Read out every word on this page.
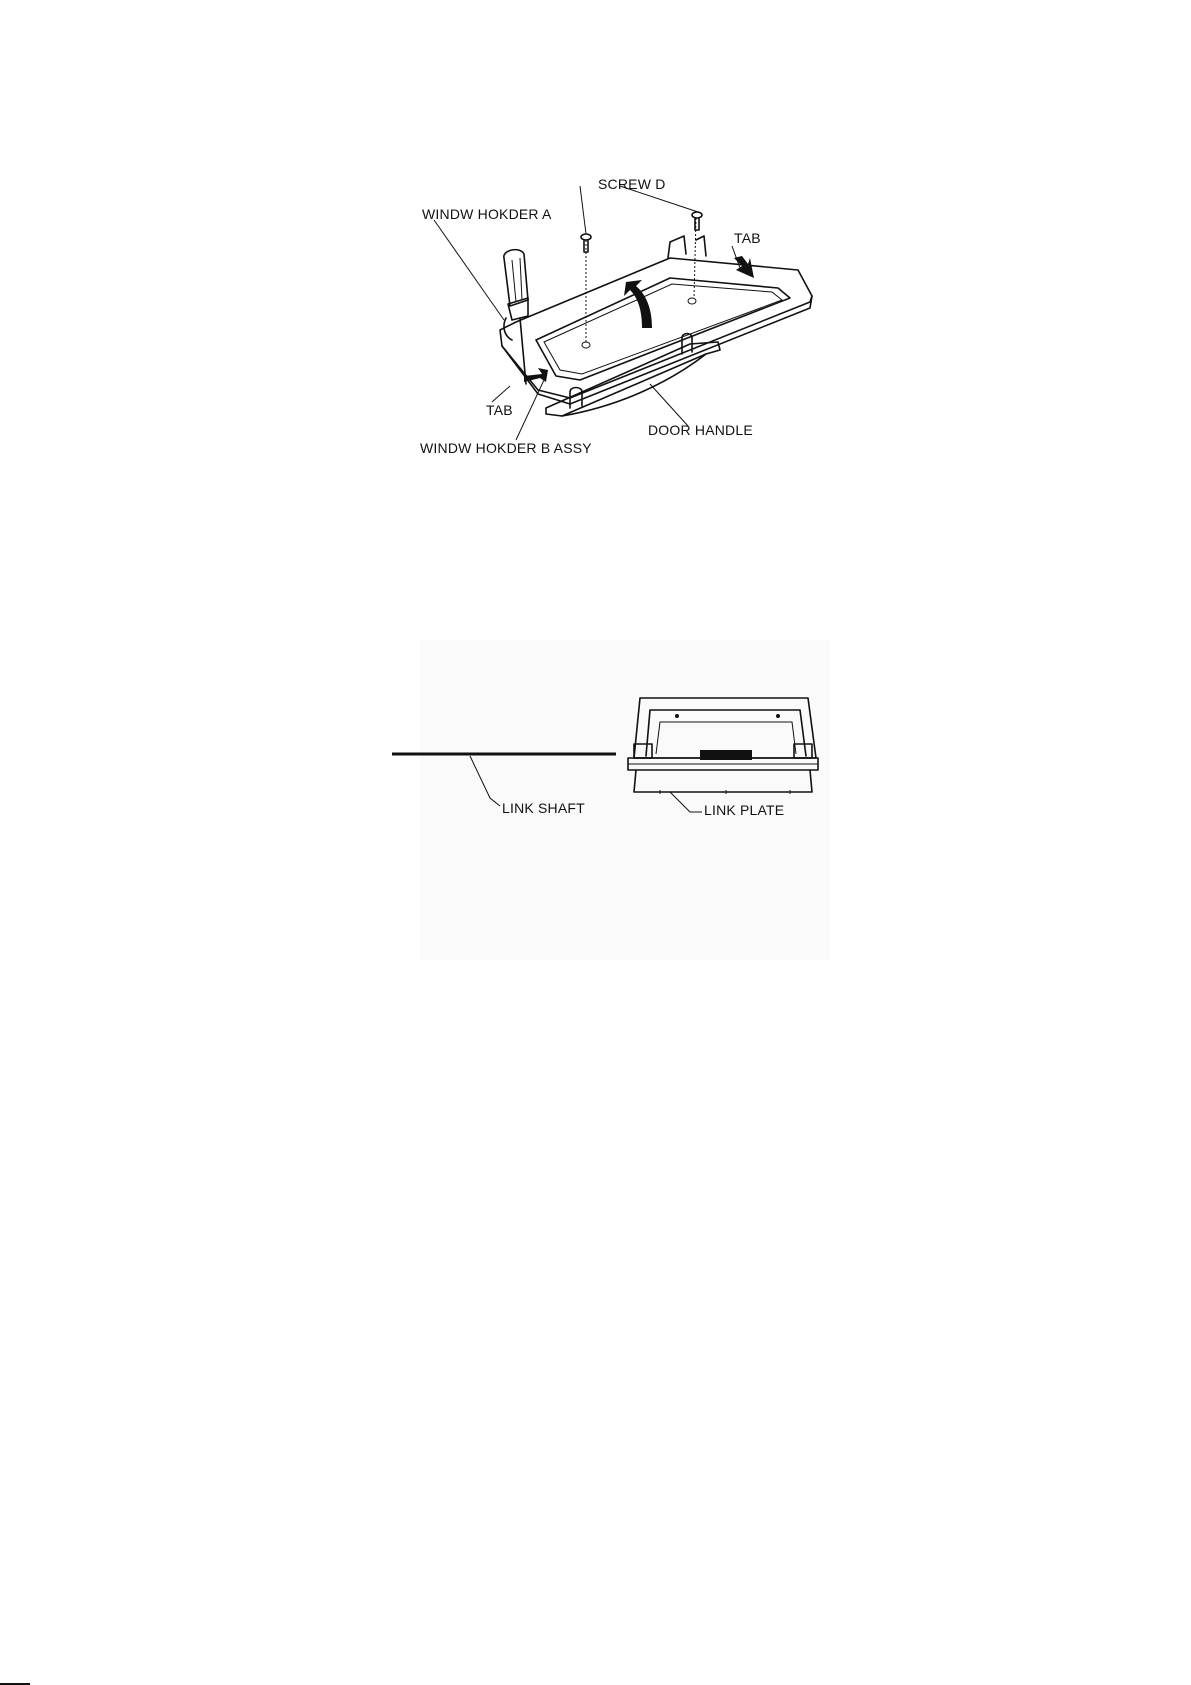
SCREW D
WINDW HOKDER A
TAB
TAB
WINDW HOKDER B ASSY
DOOR HANDLE
LINK SHAFT	LINK PLATE
